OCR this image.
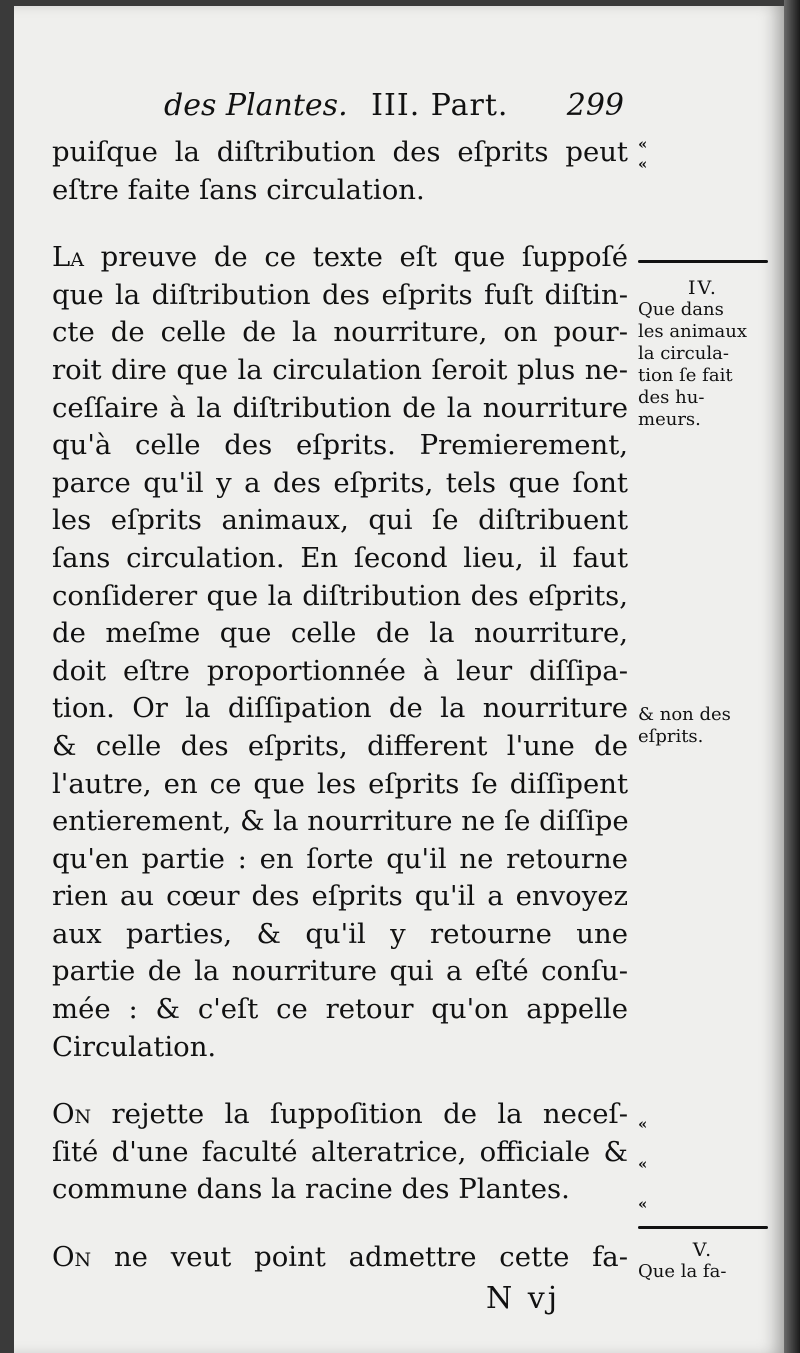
des Plantes. III. Part. 299

puiſque la diſtribution des eſprits peut
eſtre faite ſans circulation.

La preuve de ce texte eſt que ſuppoſé
que la diſtribution des eſprits fuſt diſtin-
cte de celle de la nourriture, on pour-
roit dire que la circulation ſeroit plus ne-
ceſſaire à la diſtribution de la nourriture
qu'à celle des eſprits. Premierement,
parce qu'il y a des eſprits, tels que ſont
les eſprits animaux, qui ſe diſtribuent
ſans circulation. En ſecond lieu, il faut
conſiderer que la diſtribution des eſprits,
de meſme que celle de la nourriture,
doit eſtre proportionnée à leur diſſipa-
tion. Or la diſſipation de la nourriture
& celle des eſprits, different l'une de
l'autre, en ce que les eſprits ſe diſſipent
entierement, & la nourriture ne ſe diſſipe
qu'en partie : en ſorte qu'il ne retourne
rien au cœur des eſprits qu'il a envoyez
aux parties, & qu'il y retourne une
partie de la nourriture qui a eſté conſu-
mée : & c'eſt ce retour qu'on appelle
Circulation.

On rejette la ſuppoſition de la neceſ-
ſité d'une faculté alteratrice, officiale &
commune dans la racine des Plantes.

On ne veut point admettre cette fa-

N vj
«
«
IV.
Que dans
les animaux
la circula-
tion ſe fait
des hu-
meurs.
& non des
eſprits.
«
«
«
V.
Que la fa-
